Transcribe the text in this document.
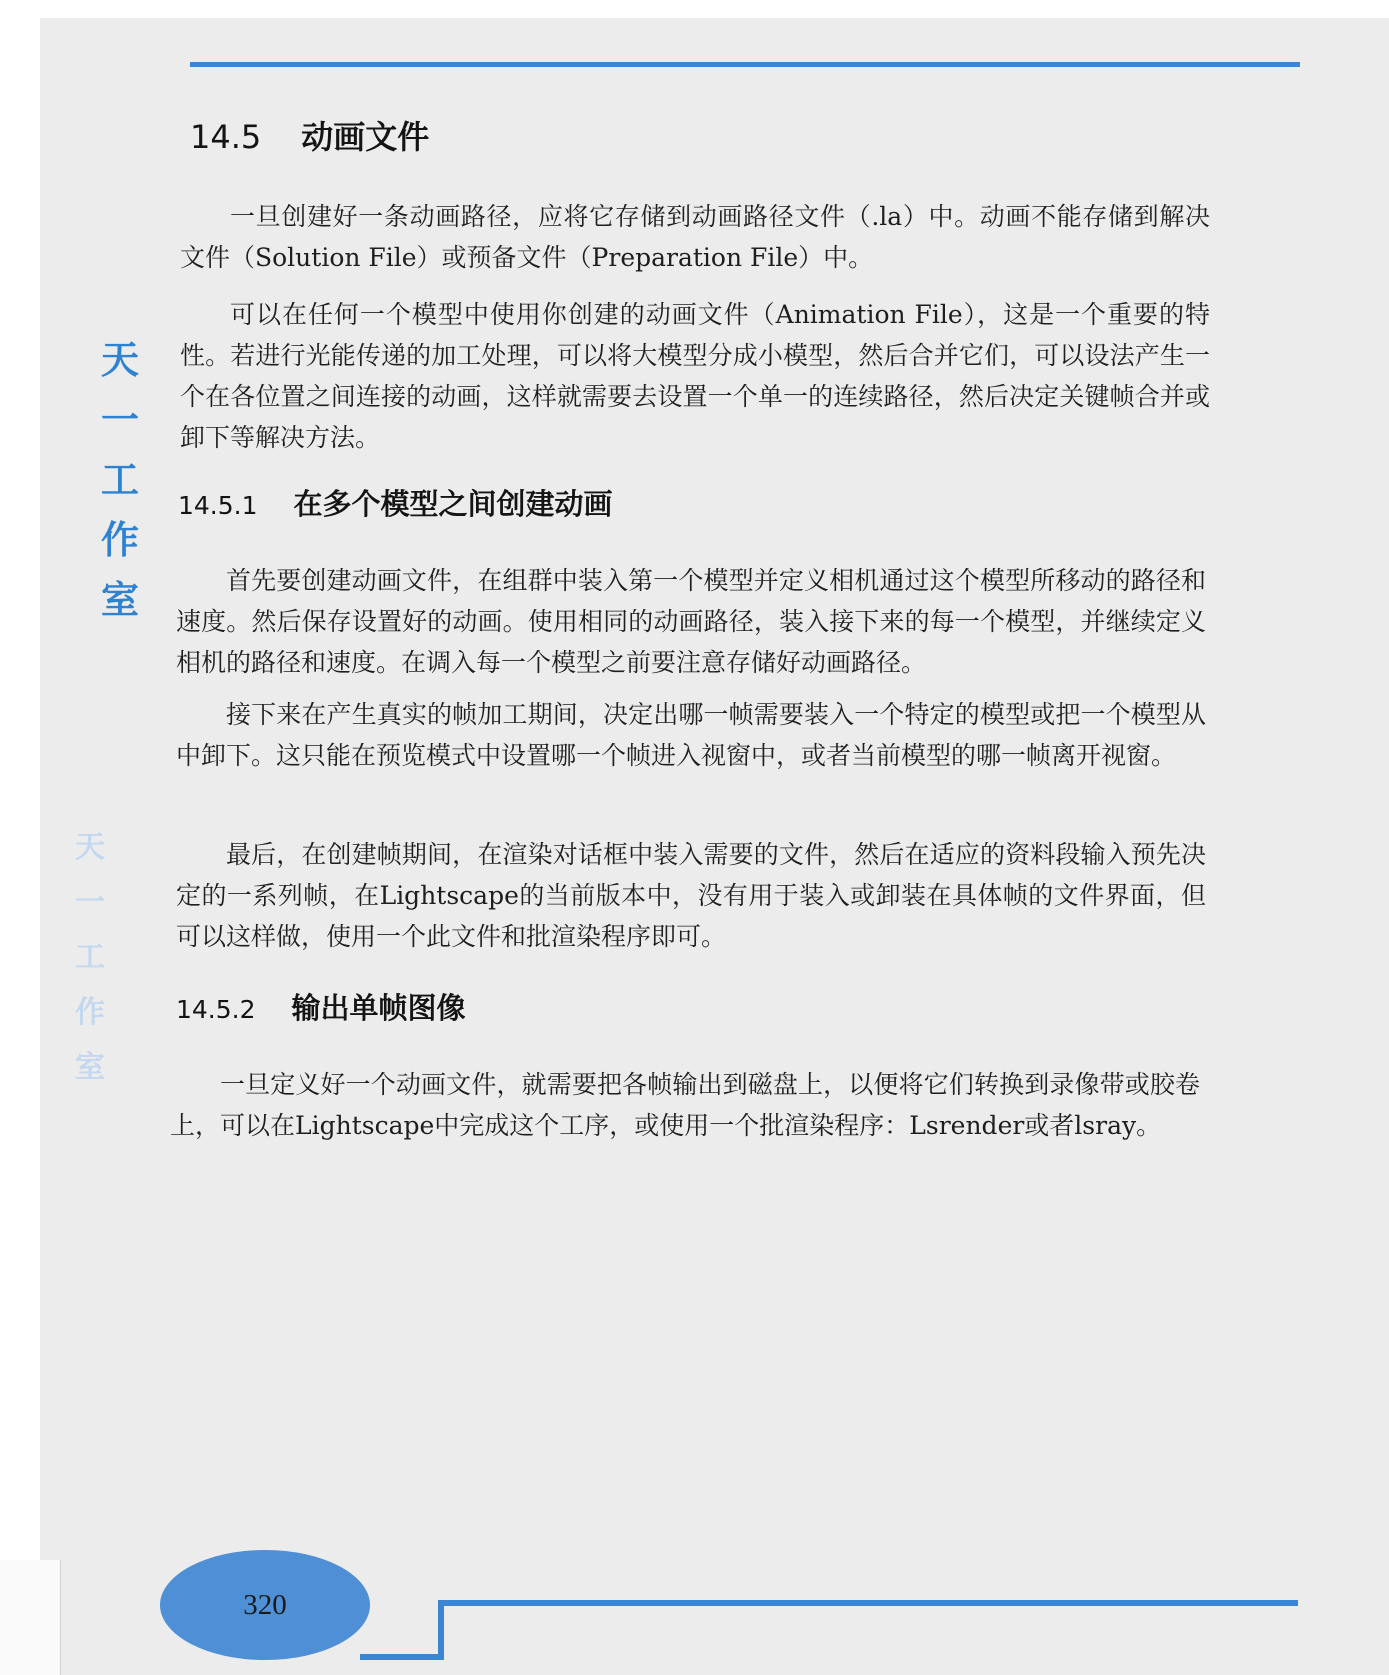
天
一
工
作
室
天
一
工
作
室
14.5 动画文件

一旦创建好一条动画路径，应将它存储到动画路径文件（.la）中。动画不能存储到解决文件（Solution File）或预备文件（Preparation File）中。

可以在任何一个模型中使用你创建的动画文件（Animation File），这是一个重要的特性。若进行光能传递的加工处理，可以将大模型分成小模型，然后合并它们，可以设法产生一个在各位置之间连接的动画，这样就需要去设置一个单一的连续路径，然后决定关键帧合并或卸下等解决方法。

14.5.1 在多个模型之间创建动画

首先要创建动画文件，在组群中装入第一个模型并定义相机通过这个模型所移动的路径和速度。然后保存设置好的动画。使用相同的动画路径，装入接下来的每一个模型，并继续定义相机的路径和速度。在调入每一个模型之前要注意存储好动画路径。

接下来在产生真实的帧加工期间，决定出哪一帧需要装入一个特定的模型或把一个模型从中卸下。这只能在预览模式中设置哪一个帧进入视窗中，或者当前模型的哪一帧离开视窗。

最后，在创建帧期间，在渲染对话框中装入需要的文件，然后在适应的资料段输入预先决定的一系列帧，在Lightscape的当前版本中，没有用于装入或卸装在具体帧的文件界面，但可以这样做，使用一个此文件和批渲染程序即可。

14.5.2 输出单帧图像

一旦定义好一个动画文件，就需要把各帧输出到磁盘上，以便将它们转换到录像带或胶卷上，可以在Lightscape中完成这个工序，或使用一个批渲染程序：Lsrender或者lsray。

320
